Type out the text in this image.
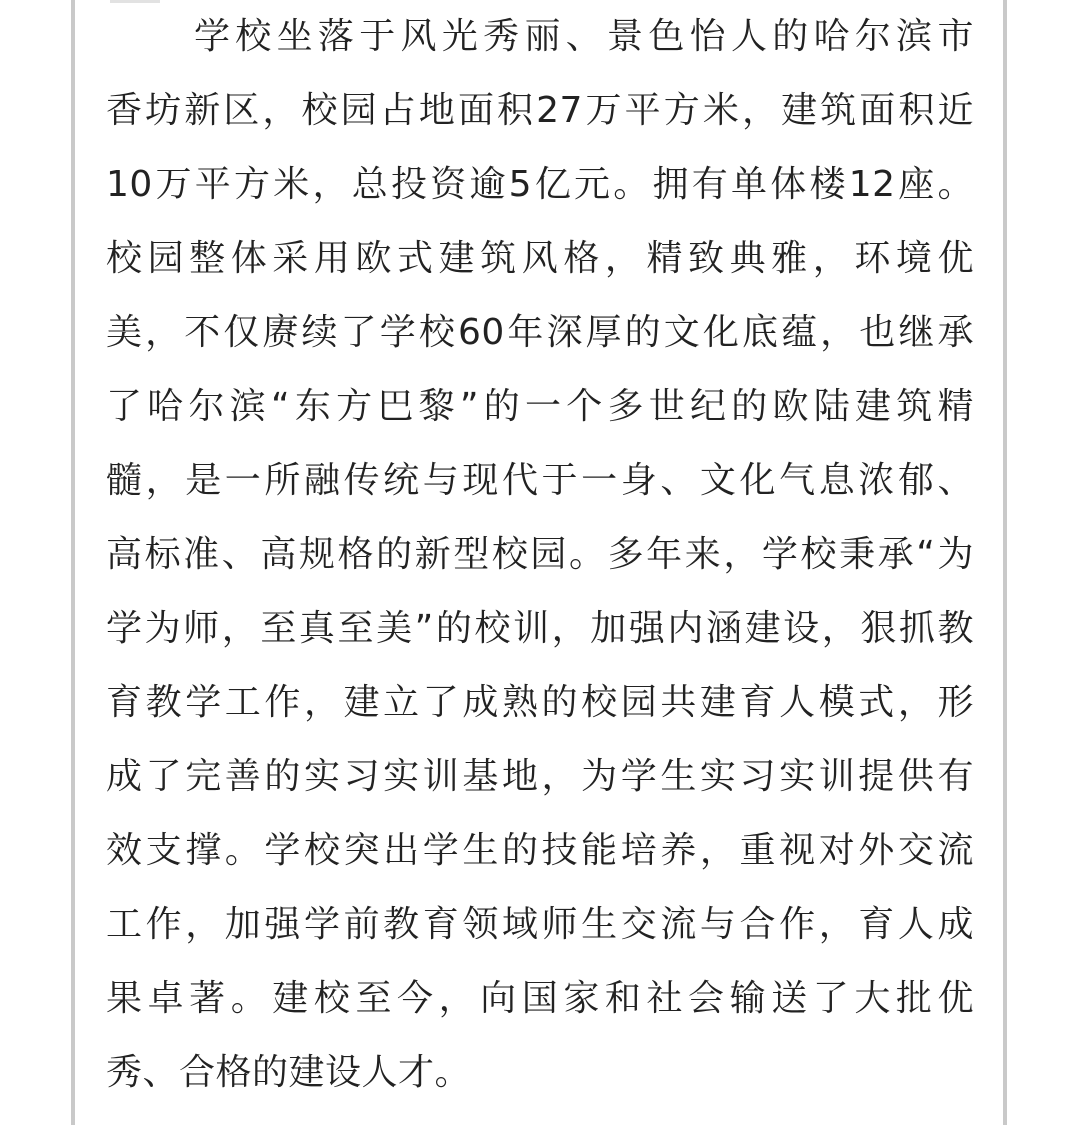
学校坐落于风光秀丽、景色怡人的哈尔滨市
香坊新区，校园占地面积27万平方米，建筑面积近
10万平方米，总投资逾5亿元。拥有单体楼12座。
校园整体采用欧式建筑风格，精致典雅，环境优
美，不仅赓续了学校60年深厚的文化底蕴，也继承
了哈尔滨“东方巴黎”的一个多世纪的欧陆建筑精
髓，是一所融传统与现代于一身、文化气息浓郁、
高标准、高规格的新型校园。多年来，学校秉承“为
学为师，至真至美”的校训，加强内涵建设，狠抓教
育教学工作，建立了成熟的校园共建育人模式，形
成了完善的实习实训基地，为学生实习实训提供有
效支撑。学校突出学生的技能培养，重视对外交流
工作，加强学前教育领域师生交流与合作，育人成
果卓著。建校至今，向国家和社会输送了大批优
秀、合格的建设人才。
